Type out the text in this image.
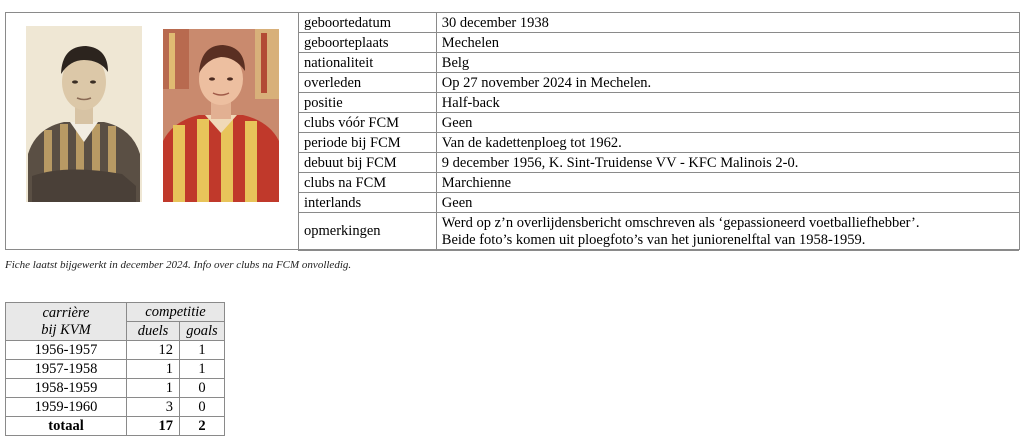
geboortedatum	30 december 1938
geboorteplaats	Mechelen
nationaliteit	Belg
overleden	Op 27 november 2024 in Mechelen.
positie	Half-back
clubs vóór FCM	Geen
periode bij FCM	Van de kadettenploeg tot 1962.
debuut bij FCM	9 december 1956, K. Sint-Truidense VV - KFC Malinois 2-0.
clubs na FCM	Marchienne
interlands	Geen
opmerkingen	Werd op z’n overlijdensbericht omschreven als ‘gepassioneerd voetballiefhebber’.
Beide foto’s komen uit ploegfoto’s van het juniorenelftal van 1958-1959.
Fiche laatst bijgewerkt in december 2024. Info over clubs na FCM onvolledig.
carrière
bij KVM	competitie	
	duels	goals
1956-1957	12	1
1957-1958	1	1
1958-1959	1	0
1959-1960	3	0
totaal	17	2
